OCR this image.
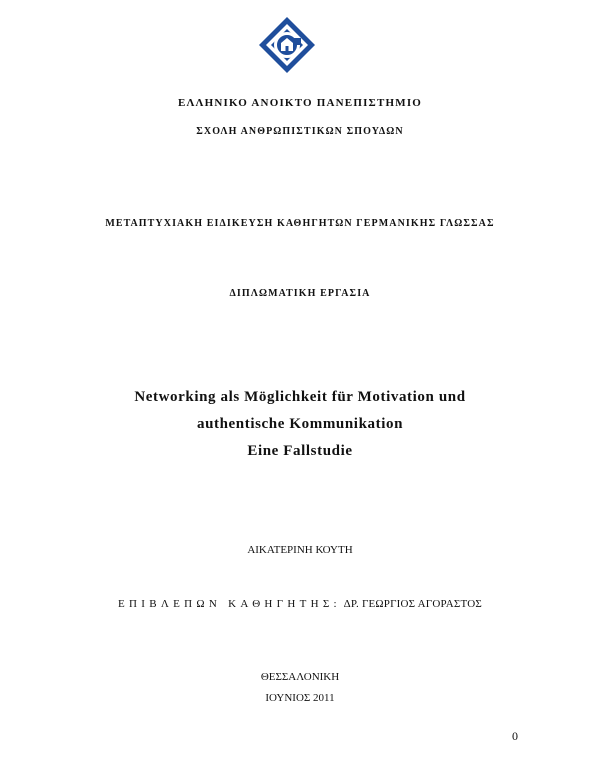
ΕΛΛΗΝΙΚΟ ΑΝΟΙΚΤΟ ΠΑΝΕΠΙΣΤΗΜΙΟ
ΣΧΟΛΗ ΑΝΘΡΩΠΙΣΤΙΚΩΝ ΣΠΟΥΔΩΝ
ΜΕΤΑΠΤΥΧΙΑΚΗ ΕΙΔΙΚΕΥΣΗ ΚΑΘΗΓΗΤΩΝ ΓΕΡΜΑΝΙΚΗΣ ΓΛΩΣΣΑΣ
ΔΙΠΛΩΜΑΤΙΚΗ ΕΡΓΑΣΙΑ
Networking als Möglichkeit für Motivation und
authentische Kommunikation
Eine Fallstudie
ΑΙΚΑΤΕΡΙΝΗ ΚΟΥΤΗ
ΕΠΙΒΛΕΠΩΝ ΚΑΘΗΓΗΤΗΣ: ΔΡ. ΓΕΩΡΓΙΟΣ ΑΓΟΡΑΣΤΟΣ
ΘΕΣΣΑΛΟΝΙΚΗ
ΙΟΥΝΙΟΣ 2011
0
